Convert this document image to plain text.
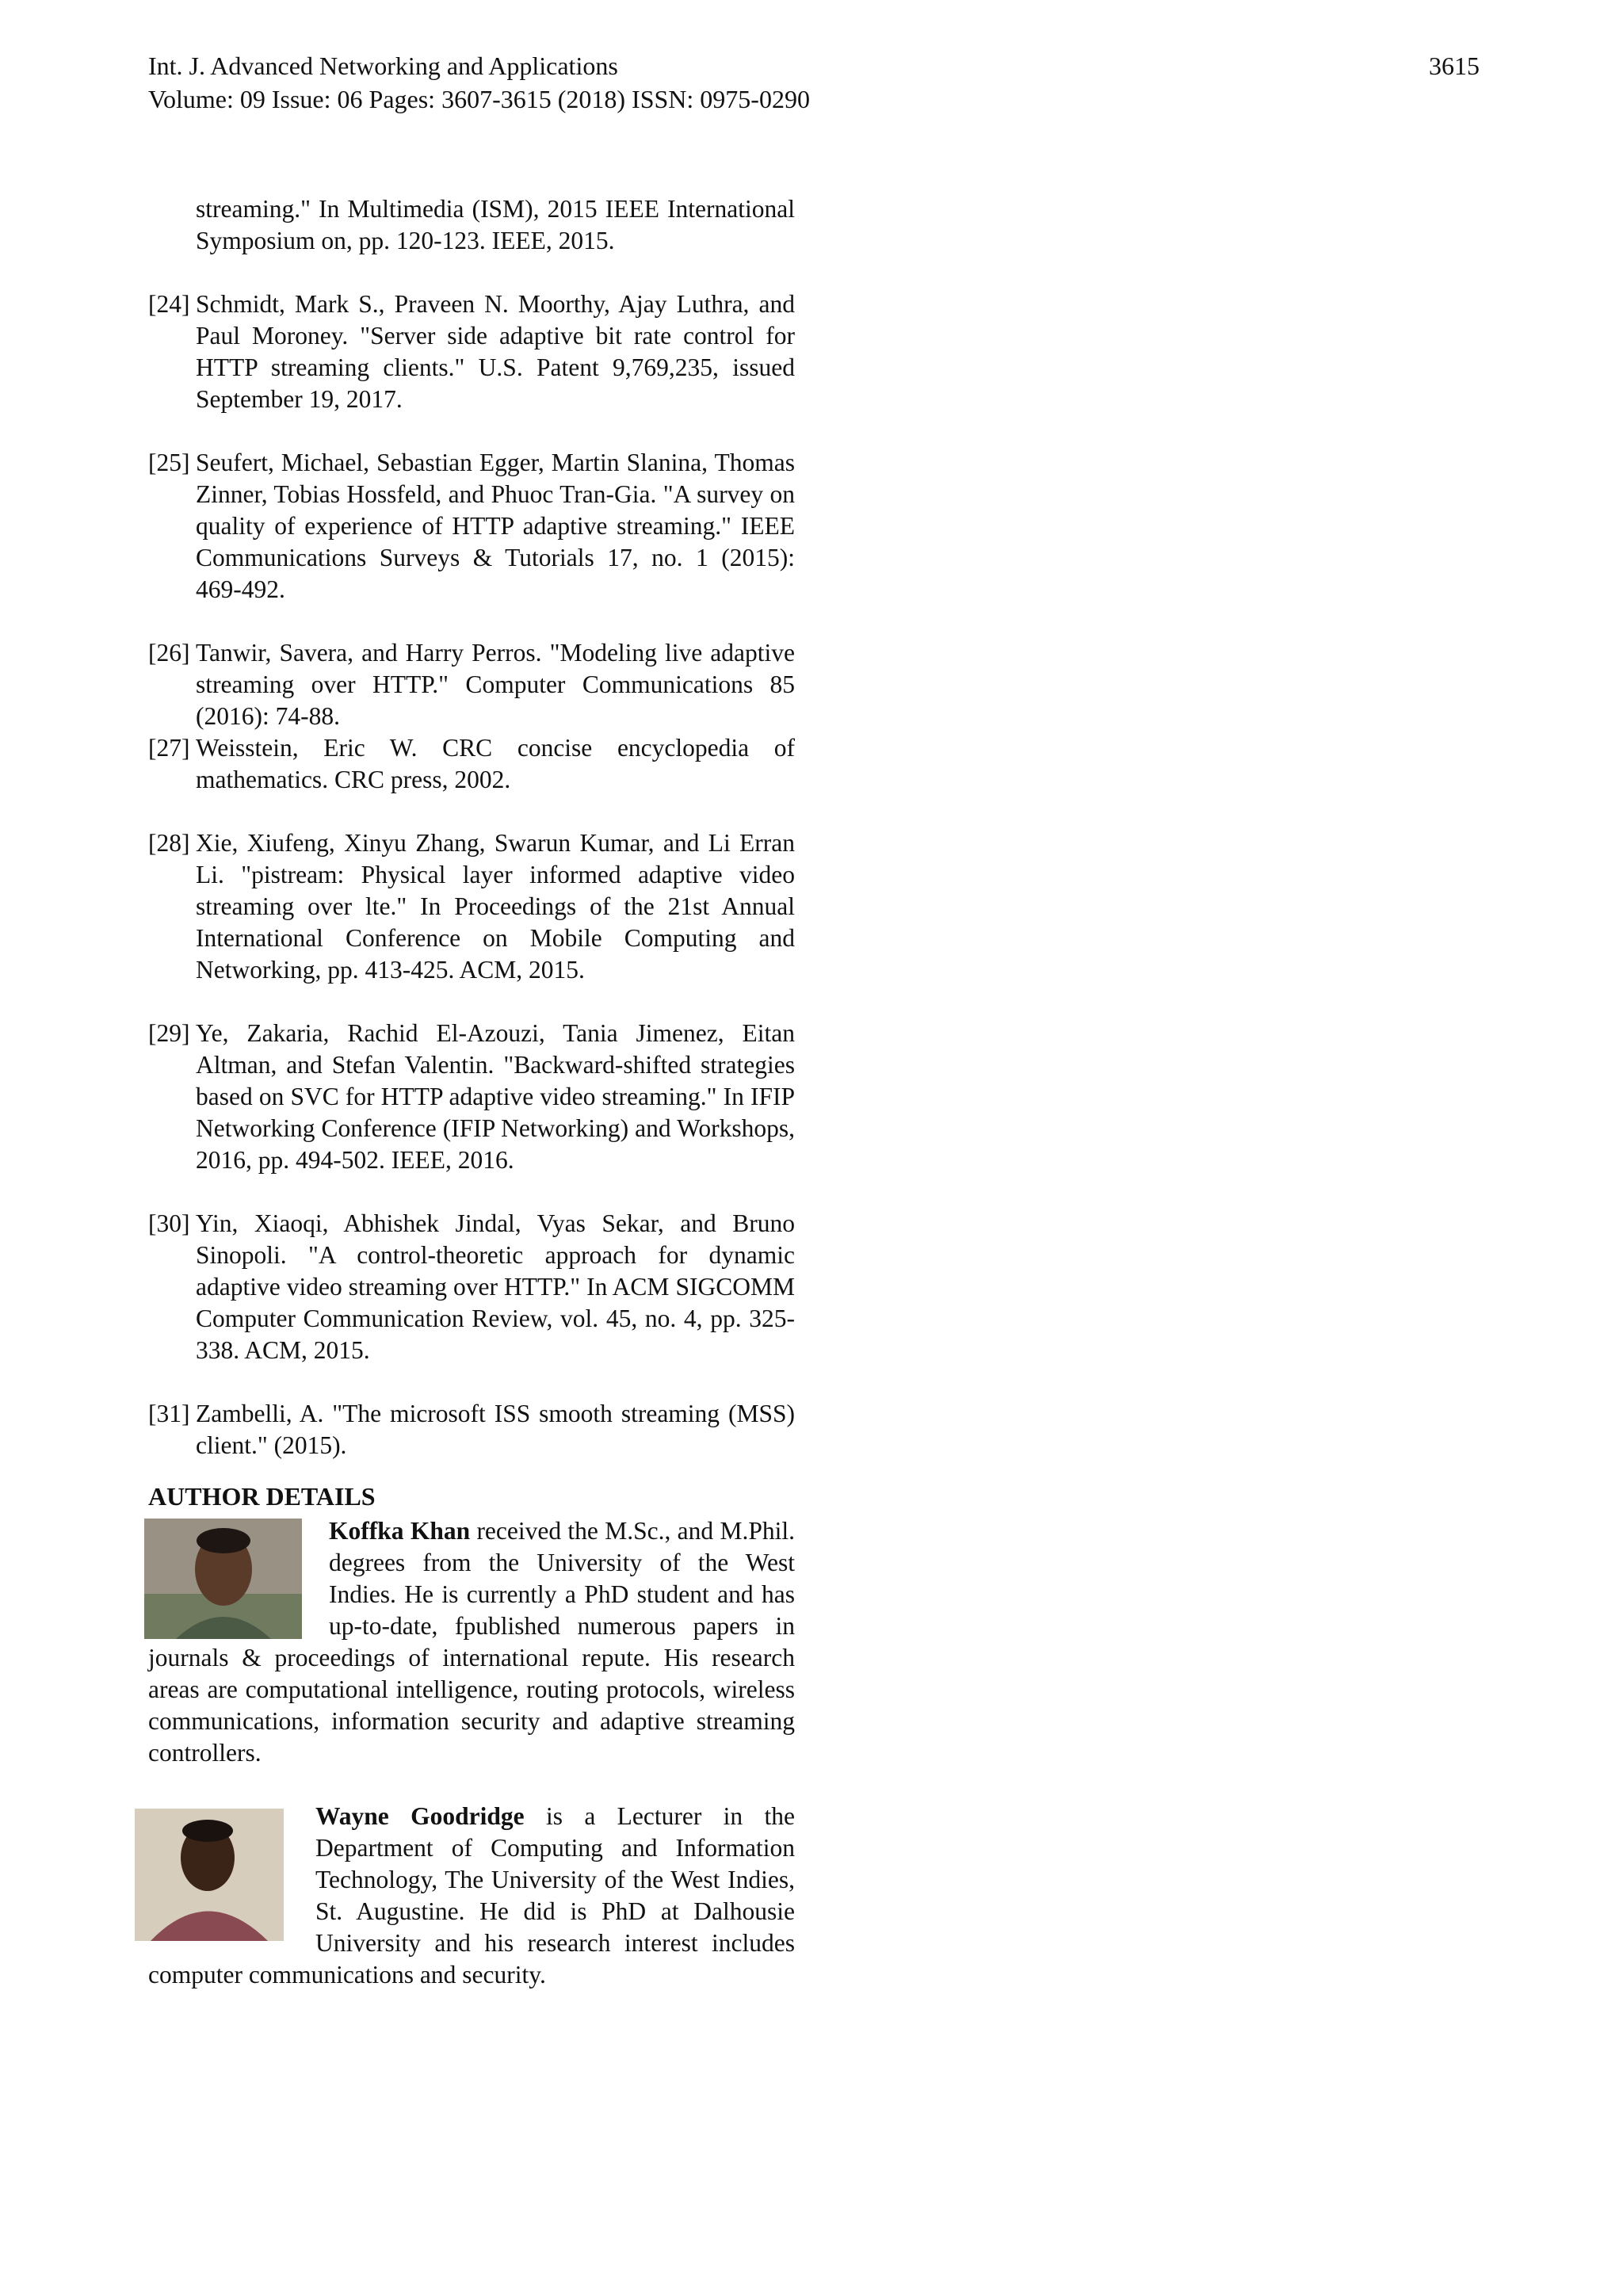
Int. J. Advanced Networking and Applications
Volume: 09 Issue: 06 Pages: 3607-3615 (2018) ISSN: 0975-0290
3615
streaming." In Multimedia (ISM), 2015 IEEE International Symposium on, pp. 120-123. IEEE, 2015.
[24] Schmidt, Mark S., Praveen N. Moorthy, Ajay Luthra, and Paul Moroney. "Server side adaptive bit rate control for HTTP streaming clients." U.S. Patent 9,769,235, issued September 19, 2017.
[25] Seufert, Michael, Sebastian Egger, Martin Slanina, Thomas Zinner, Tobias Hossfeld, and Phuoc Tran-Gia. "A survey on quality of experience of HTTP adaptive streaming." IEEE Communications Surveys & Tutorials 17, no. 1 (2015): 469-492.
[26] Tanwir, Savera, and Harry Perros. "Modeling live adaptive streaming over HTTP." Computer Communications 85 (2016): 74-88.
[27] Weisstein, Eric W. CRC concise encyclopedia of mathematics. CRC press, 2002.
[28] Xie, Xiufeng, Xinyu Zhang, Swarun Kumar, and Li Erran Li. "pistream: Physical layer informed adaptive video streaming over lte." In Proceedings of the 21st Annual International Conference on Mobile Computing and Networking, pp. 413-425. ACM, 2015.
[29] Ye, Zakaria, Rachid El-Azouzi, Tania Jimenez, Eitan Altman, and Stefan Valentin. "Backward-shifted strategies based on SVC for HTTP adaptive video streaming." In IFIP Networking Conference (IFIP Networking) and Workshops, 2016, pp. 494-502. IEEE, 2016.
[30] Yin, Xiaoqi, Abhishek Jindal, Vyas Sekar, and Bruno Sinopoli. "A control-theoretic approach for dynamic adaptive video streaming over HTTP." In ACM SIGCOMM Computer Communication Review, vol. 45, no. 4, pp. 325-338. ACM, 2015.
[31] Zambelli, A. "The microsoft ISS smooth streaming (MSS) client." (2015).
AUTHOR DETAILS
Koffka Khan received the M.Sc., and M.Phil. degrees from the University of the West Indies. He is currently a PhD student and has up-to-date, fpublished numerous papers in journals & proceedings of international repute. His research areas are computational intelligence, routing protocols, wireless communications, information security and adaptive streaming controllers.
Wayne Goodridge is a Lecturer in the Department of Computing and Information Technology, The University of the West Indies, St. Augustine. He did is PhD at Dalhousie University and his research interest includes computer communications and security.
